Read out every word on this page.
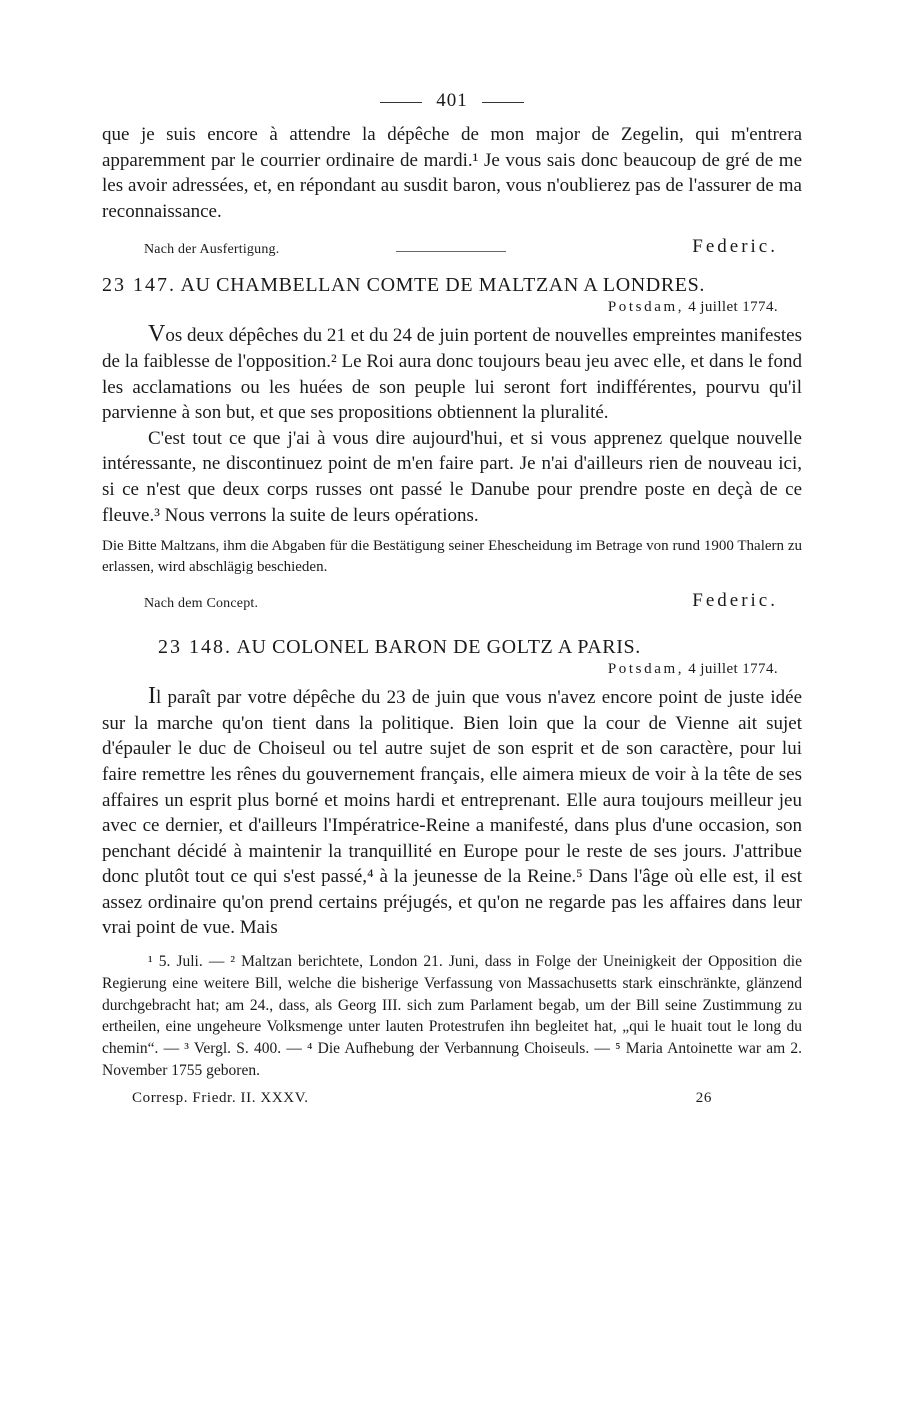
401

que je suis encore à attendre la dépêche de mon major de Zegelin, qui m'entrera apparemment par le courrier ordinaire de mardi.¹ Je vous sais donc beaucoup de gré de me les avoir adressées, et, en répondant au susdit baron, vous n'oublierez pas de l'assurer de ma reconnaissance.

Nach der Ausfertigung.	Federic.
23 147. AU CHAMBELLAN COMTE DE MALTZAN A LONDRES.
Potsdam, 4 juillet 1774.

Vos deux dépêches du 21 et du 24 de juin portent de nouvelles empreintes manifestes de la faiblesse de l'opposition.² Le Roi aura donc toujours beau jeu avec elle, et dans le fond les acclamations ou les huées de son peuple lui seront fort indifférentes, pourvu qu'il parvienne à son but, et que ses propositions obtiennent la pluralité.

C'est tout ce que j'ai à vous dire aujourd'hui, et si vous apprenez quelque nouvelle intéressante, ne discontinuez point de m'en faire part. Je n'ai d'ailleurs rien de nouveau ici, si ce n'est que deux corps russes ont passé le Danube pour prendre poste en deçà de ce fleuve.³ Nous verrons la suite de leurs opérations.

Die Bitte Maltzans, ihm die Abgaben für die Bestätigung seiner Ehescheidung im Betrage von rund 1900 Thalern zu erlassen, wird abschlägig beschieden.
Nach dem Concept.	Federic.
23 148. AU COLONEL BARON DE GOLTZ A PARIS.
Potsdam, 4 juillet 1774.

Il paraît par votre dépêche du 23 de juin que vous n'avez encore point de juste idée sur la marche qu'on tient dans la politique. Bien loin que la cour de Vienne ait sujet d'épauler le duc de Choiseul ou tel autre sujet de son esprit et de son caractère, pour lui faire remettre les rênes du gouvernement français, elle aimera mieux de voir à la tête de ses affaires un esprit plus borné et moins hardi et entreprenant. Elle aura toujours meilleur jeu avec ce dernier, et d'ailleurs l'Impératrice-Reine a manifesté, dans plus d'une occasion, son penchant décidé à maintenir la tranquillité en Europe pour le reste de ses jours. J'attribue donc plutôt tout ce qui s'est passé,⁴ à la jeunesse de la Reine.⁵ Dans l'âge où elle est, il est assez ordinaire qu'on prend certains préjugés, et qu'on ne regarde pas les affaires dans leur vrai point de vue. Mais

¹ 5. Juli. — ² Maltzan berichtete, London 21. Juni, dass in Folge der Uneinigkeit der Opposition die Regierung eine weitere Bill, welche die bisherige Verfassung von Massachusetts stark einschränkte, glänzend durchgebracht hat; am 24., dass, als Georg III. sich zum Parlament begab, um der Bill seine Zustimmung zu ertheilen, eine ungeheure Volksmenge unter lauten Protestrufen ihn begleitet hat, „qui le huait tout le long du chemin“. — ³ Vergl. S. 400. — ⁴ Die Aufhebung der Verbannung Choiseuls. — ⁵ Maria Antoinette war am 2. November 1755 geboren.
Corresp. Friedr. II. XXXV.	26
